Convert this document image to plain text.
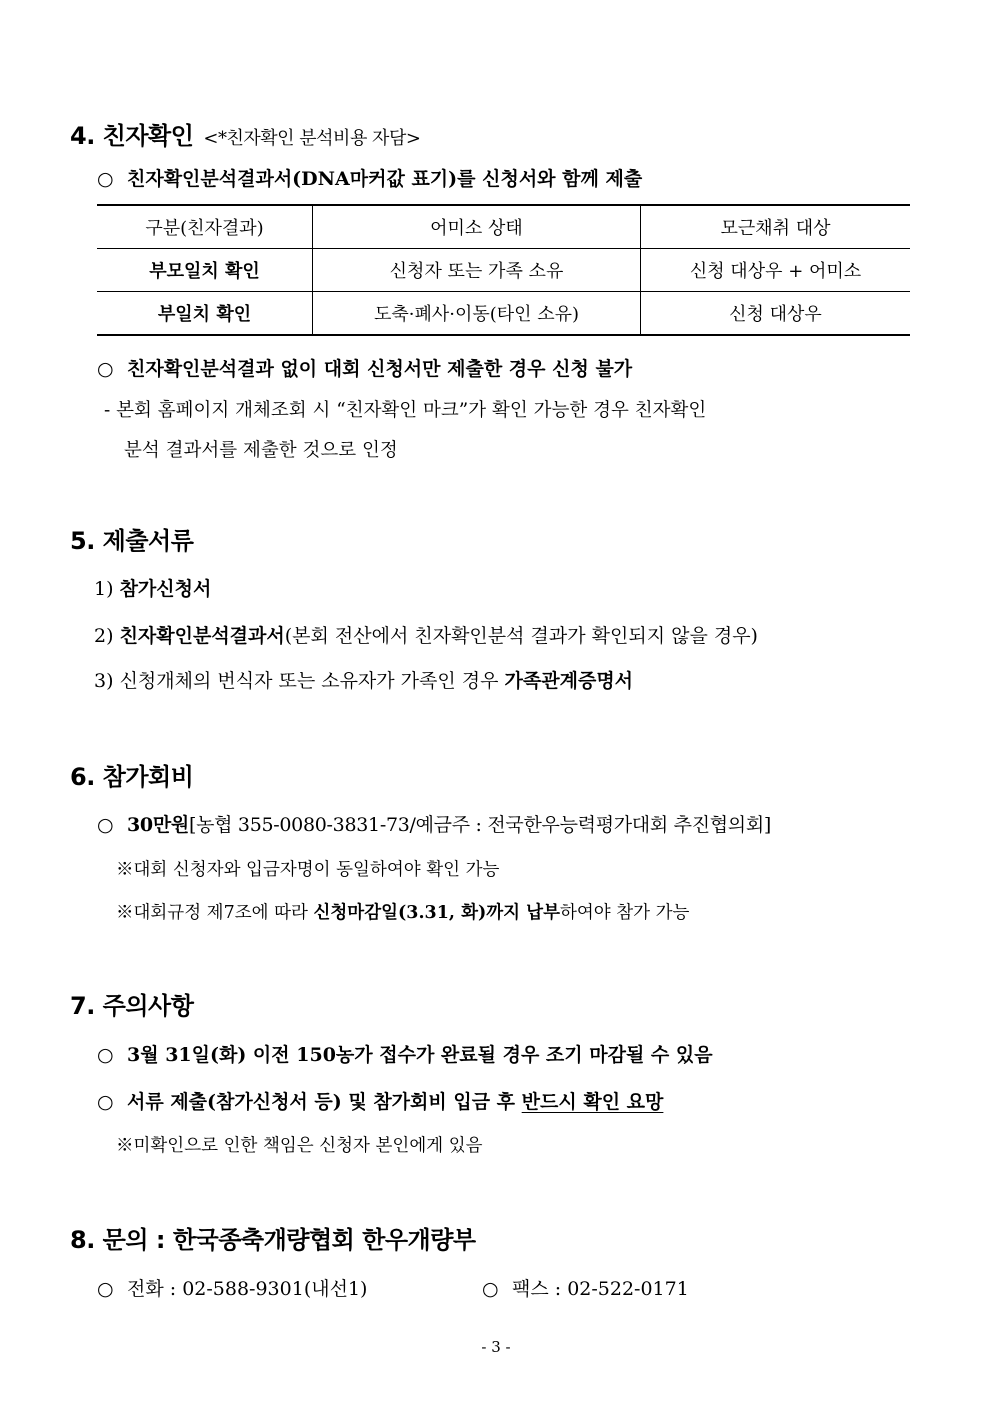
4. 친자확인 <*친자확인 분석비용 자담>
○ 친자확인분석결과서(DNA마커값 표기)를 신청서와 함께 제출
구분(친자결과)	어미소 상태	모근채취 대상
부모일치 확인	신청자 또는 가족 소유	신청 대상우 + 어미소
부일치 확인	도축·폐사·이동(타인 소유)	신청 대상우
○ 친자확인분석결과 없이 대회 신청서만 제출한 경우 신청 불가
- 본회 홈페이지 개체조회 시 “친자확인 마크”가 확인 가능한 경우 친자확인
분석 결과서를 제출한 것으로 인정
5. 제출서류
1) 참가신청서
2) 친자확인분석결과서(본회 전산에서 친자확인분석 결과가 확인되지 않을 경우)
3) 신청개체의 번식자 또는 소유자가 가족인 경우 가족관계증명서
6. 참가회비
○ 30만원[농협 355-0080-3831-73/예금주 : 전국한우능력평가대회 추진협의회]
※대회 신청자와 입금자명이 동일하여야 확인 가능
※대회규정 제7조에 따라 신청마감일(3.31, 화)까지 납부하여야 참가 가능
7. 주의사항
○ 3월 31일(화) 이전 150농가 접수가 완료될 경우 조기 마감될 수 있음
○ 서류 제출(참가신청서 등) 및 참가회비 입금 후 반드시 확인 요망
※미확인으로 인한 책임은 신청자 본인에게 있음
8. 문의 : 한국종축개량협회 한우개량부
○ 전화 : 02-588-9301(내선1)	○ 팩스 : 02-522-0171
- 3 -
